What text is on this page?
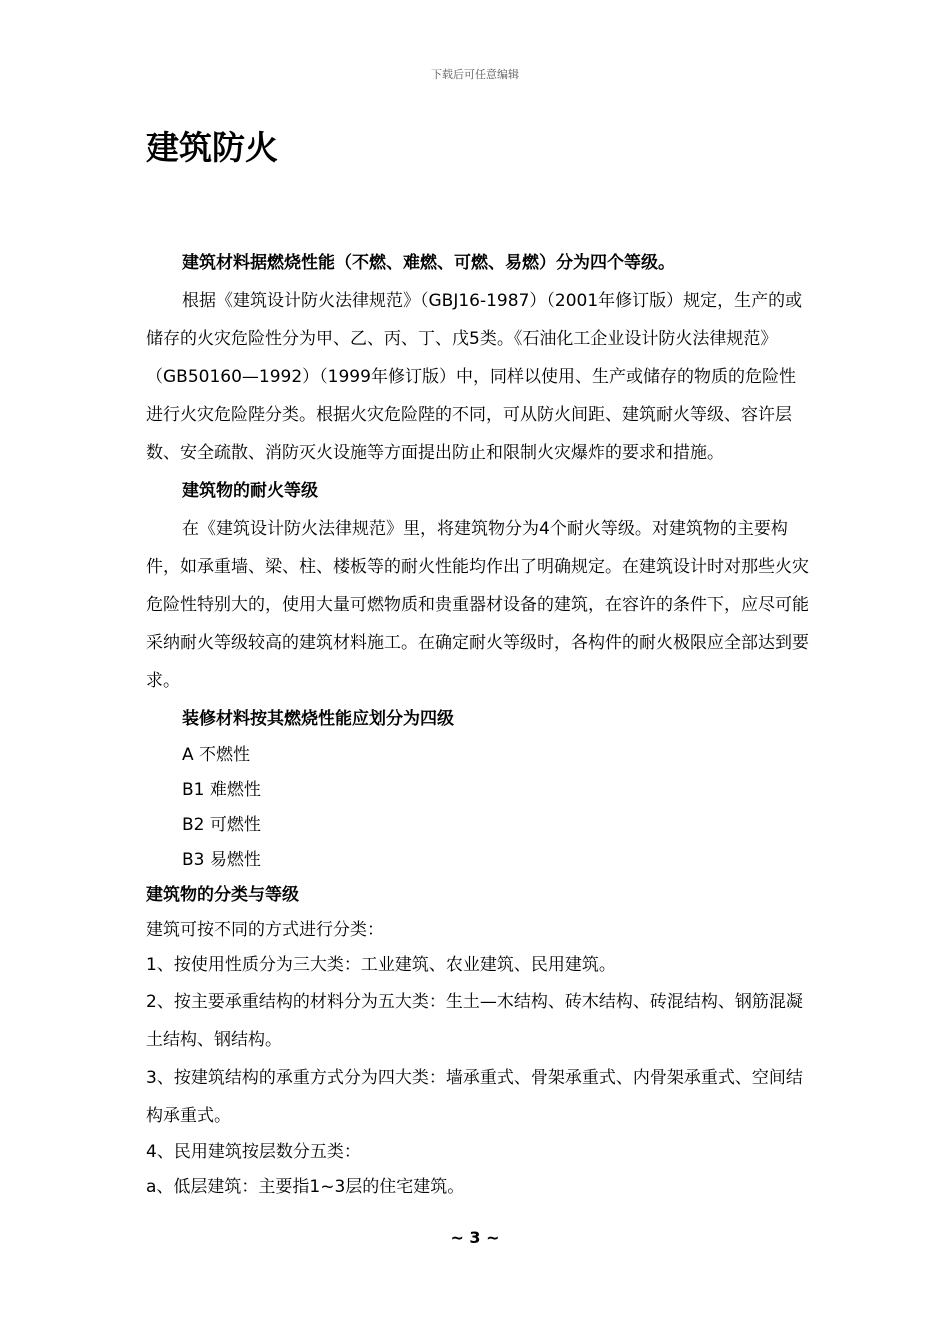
下载后可任意编辑
建筑防火

建筑材料据燃烧性能（不燃、难燃、可燃、易燃）分为四个等级。

根据《建筑设计防火法律规范》（GBJ16-1987）（2001年修订版）规定，生产的或储存的火灾危险性分为甲、乙、丙、丁、戊5类。《石油化工企业设计防火法律规范》（GB50160—1992）（1999年修订版）中，同样以使用、生产或储存的物质的危险性进行火灾危险陛分类。根据火灾危险陛的不同，可从防火间距、建筑耐火等级、容许层数、安全疏散、消防灭火设施等方面提出防止和限制火灾爆炸的要求和措施。

建筑物的耐火等级

在《建筑设计防火法律规范》里，将建筑物分为4个耐火等级。对建筑物的主要构件，如承重墙、梁、柱、楼板等的耐火性能均作出了明确规定。在建筑设计时对那些火灾危险性特别大的，使用大量可燃物质和贵重器材设备的建筑，在容许的条件下，应尽可能采纳耐火等级较高的建筑材料施工。在确定耐火等级时，各构件的耐火极限应全部达到要求。

装修材料按其燃烧性能应划分为四级

A 不燃性

B1 难燃性

B2 可燃性

B3 易燃性

建筑物的分类与等级

建筑可按不同的方式进行分类：

1、按使用性质分为三大类：工业建筑、农业建筑、民用建筑。

2、按主要承重结构的材料分为五大类：生土—木结构、砖木结构、砖混结构、钢筋混凝土结构、钢结构。

3、按建筑结构的承重方式分为四大类：墙承重式、骨架承重式、内骨架承重式、空间结构承重式。

4、民用建筑按层数分五类：

a、低层建筑：主要指1~3层的住宅建筑。

~ 3 ~
